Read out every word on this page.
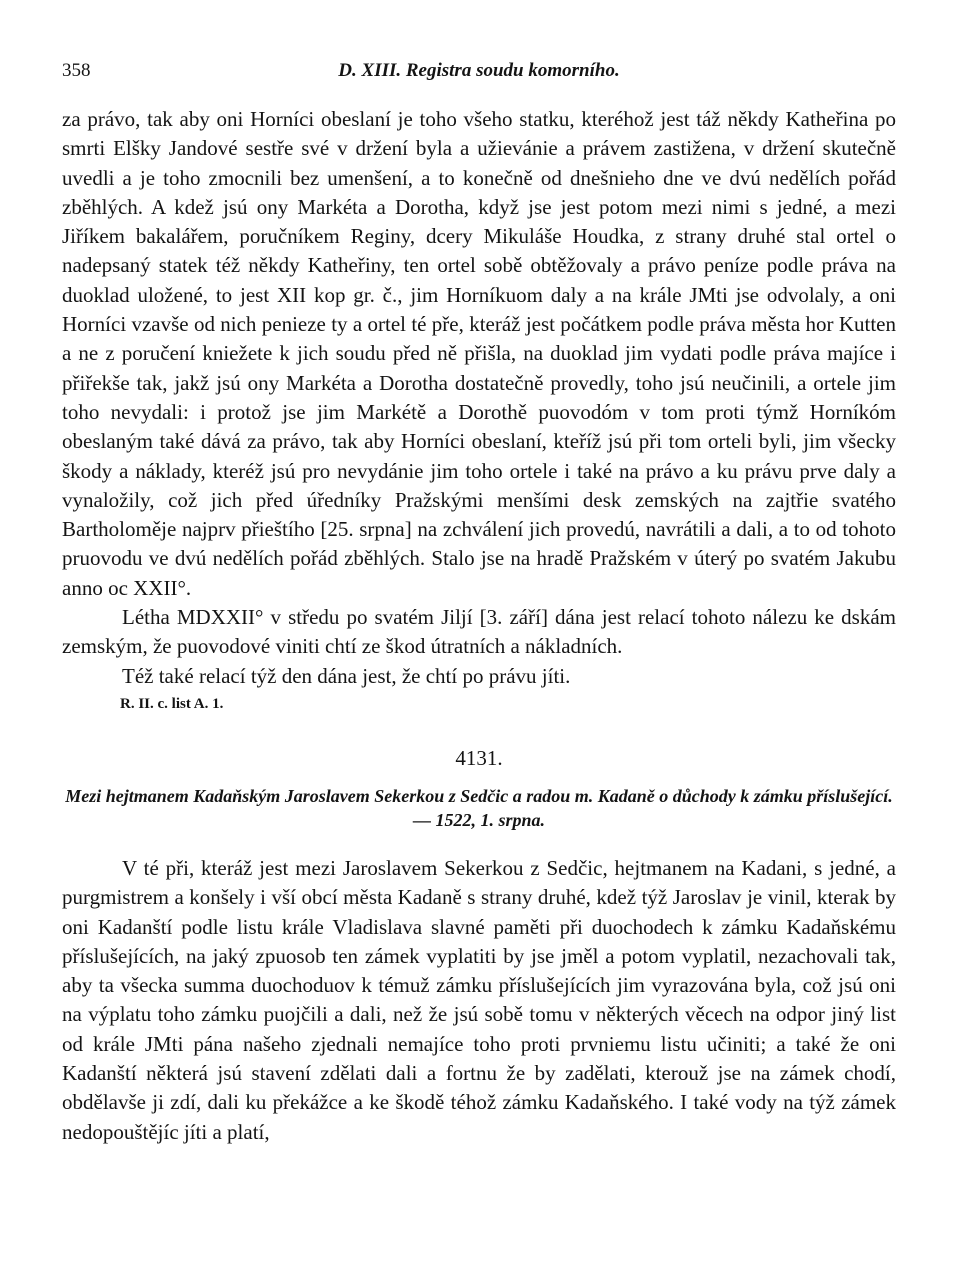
358	D. XIII. Registra soudu komorního.

za právo, tak aby oni Horníci obeslaní je toho všeho statku, kteréhož jest táž někdy Katheřina po smrti Elšky Jandové sestře své v držení byla a užievánie a právem zastižena, v držení skutečně uvedli a je toho zmocnili bez umenšení, a to konečně od dnešnieho dne ve dvú nedělích pořád zběhlých. A kdež jsú ony Markéta a Dorotha, když jse jest potom mezi nimi s jedné, a mezi Jiříkem bakalářem, poručníkem Reginy, dcery Mikuláše Houdka, z strany druhé stal ortel o nadepsaný statek též někdy Katheřiny, ten ortel sobě obtěžovaly a právo peníze podle práva na duoklad uložené, to jest XII kop gr. č., jim Horníkuom daly a na krále JMti jse odvolaly, a oni Horníci vzavše od nich penieze ty a ortel té pře, kteráž jest počátkem podle práva města hor Kutten a ne z poručení kniežete k jich soudu před ně přišla, na duoklad jim vydati podle práva majíce i přiřekše tak, jakž jsú ony Markéta a Dorotha dostatečně provedly, toho jsú neučinili, a ortele jim toho nevydali: i protož jse jim Markétě a Dorothě puovodóm v tom proti týmž Horníkóm obeslaným také dává za právo, tak aby Horníci obeslaní, kteříž jsú při tom orteli byli, jim všecky škody a náklady, kteréž jsú pro nevydánie jim toho ortele i také na právo a ku právu prve daly a vynaložily, což jich před úředníky Pražskými menšími desk zemských na zajtřie svatého Bartholoměje najprv přieštího [25. srpna] na zchválení jich provedú, navrátili a dali, a to od tohoto pruovodu ve dvú nedělích pořád zběhlých. Stalo jse na hradě Pražském v úterý po svatém Jakubu anno oc XXII°.

Létha MDXXII° v středu po svatém Jiljí [3. září] dána jest relací tohoto nálezu ke dskám zemským, že puovodové viniti chtí ze škod útratních a nákladních.

Též také relací týž den dána jest, že chtí po právu jíti.

R. II. c. list A. 1.
4131.
Mezi hejtmanem Kadaňským Jaroslavem Sekerkou z Sedčic a radou m. Kadaně o důchody k zámku příslušející. — 1522, 1. srpna.

V té při, kteráž jest mezi Jaroslavem Sekerkou z Sedčic, hejtmanem na Kadani, s jedné, a purgmistrem a konšely i vší obcí města Kadaně s strany druhé, kdež týž Jaroslav je vinil, kterak by oni Kadanští podle listu krále Vladislava slavné paměti při duochodech k zámku Kadaňskému příslušejících, na jaký zpuosob ten zámek vyplatiti by jse jměl a potom vyplatil, nezachovali tak, aby ta všecka summa duochoduov k témuž zámku příslušejících jim vyrazována byla, což jsú oni na výplatu toho zámku puojčili a dali, než že jsú sobě tomu v některých věcech na odpor jiný list od krále JMti pána našeho zjednali nemajíce toho proti prvniemu listu učiniti; a také že oni Kadanští některá jsú stavení zdělati dali a fortnu že by zadělati, kterouž jse na zámek chodí, obdělavše ji zdí, dali ku překážce a ke škodě téhož zámku Kadaňského. I také vody na týž zámek nedopouštějíc jíti a platí,
